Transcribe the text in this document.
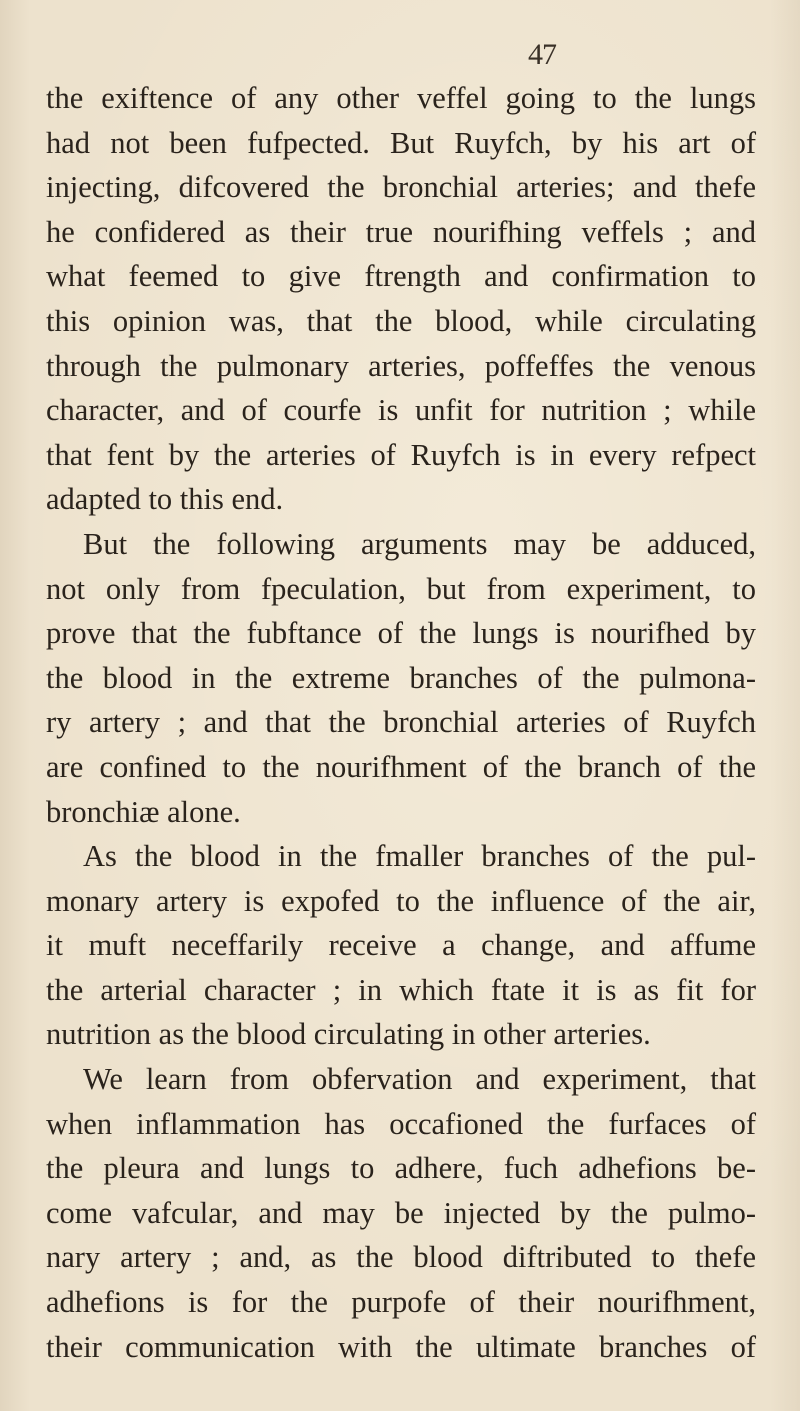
47
the exiftence of any other veffel going to the lungs
had not been fufpected. But Ruyfch, by his art of
injecting, difcovered the bronchial arteries; and thefe
he confidered as their true nourifhing veffels ; and
what feemed to give ftrength and confirmation to
this opinion was, that the blood, while circulating
through the pulmonary arteries, poffeffes the venous
character, and of courfe is unfit for nutrition ; while
that fent by the arteries of Ruyfch is in every refpect
adapted to this end.
But the following arguments may be adduced,
not only from fpeculation, but from experiment, to
prove that the fubftance of the lungs is nourifhed by
the blood in the extreme branches of the pulmona-
ry artery ; and that the bronchial arteries of Ruyfch
are confined to the nourifhment of the branch of the
bronchiæ alone.
As the blood in the fmaller branches of the pul-
monary artery is expofed to the influence of the air,
it muft neceffarily receive a change, and affume
the arterial character ; in which ftate it is as fit for
nutrition as the blood circulating in other arteries.
We learn from obfervation and experiment, that
when inflammation has occafioned the furfaces of
the pleura and lungs to adhere, fuch adhefions be-
come vafcular, and may be injected by the pulmo-
nary artery ; and, as the blood diftributed to thefe
adhefions is for the purpofe of their nourifhment,
their communication with the ultimate branches of
